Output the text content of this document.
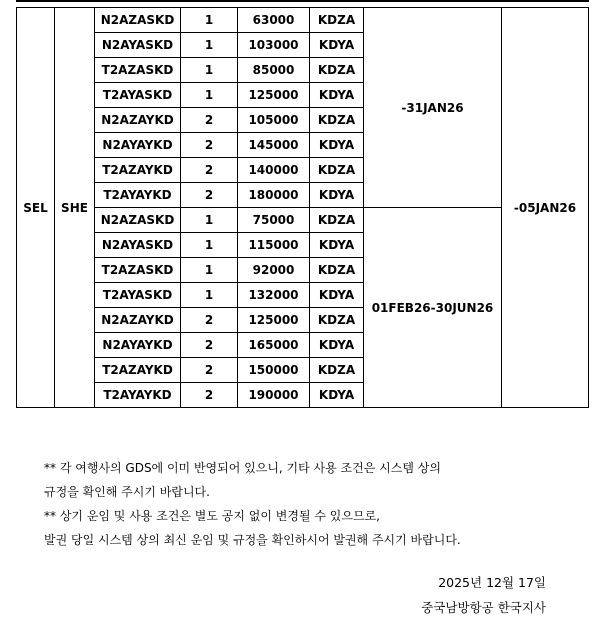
SEL	SHE	N2AZASKD	1	63000	KDZA	-31JAN26	-05JAN26
		N2AYASKD	1	103000	KDYA		
		T2AZASKD	1	85000	KDZA		
		T2AYASKD	1	125000	KDYA		
		N2AZAYKD	2	105000	KDZA		
		N2AYAYKD	2	145000	KDYA		
		T2AZAYKD	2	140000	KDZA		
		T2AYAYKD	2	180000	KDYA		
		N2AZASKD	1	75000	KDZA	01FEB26-30JUN26	
		N2AYASKD	1	115000	KDYA		
		T2AZASKD	1	92000	KDZA		
		T2AYASKD	1	132000	KDYA		
		N2AZAYKD	2	125000	KDZA		
		N2AYAYKD	2	165000	KDYA		
		T2AZAYKD	2	150000	KDZA		
		T2AYAYKD	2	190000	KDYA		

** 각 여행사의 GDS에 이미 반영되어 있으니, 기타 사용 조건은 시스템 상의

규정을 확인해 주시기 바랍니다.

** 상기 운임 및 사용 조건은 별도 공지 없이 변경될 수 있으므로,

발권 당일 시스템 상의 최신 운임 및 규정을 확인하시어 발권해 주시기 바랍니다.

2025년 12월 17일

중국남방항공 한국지사
